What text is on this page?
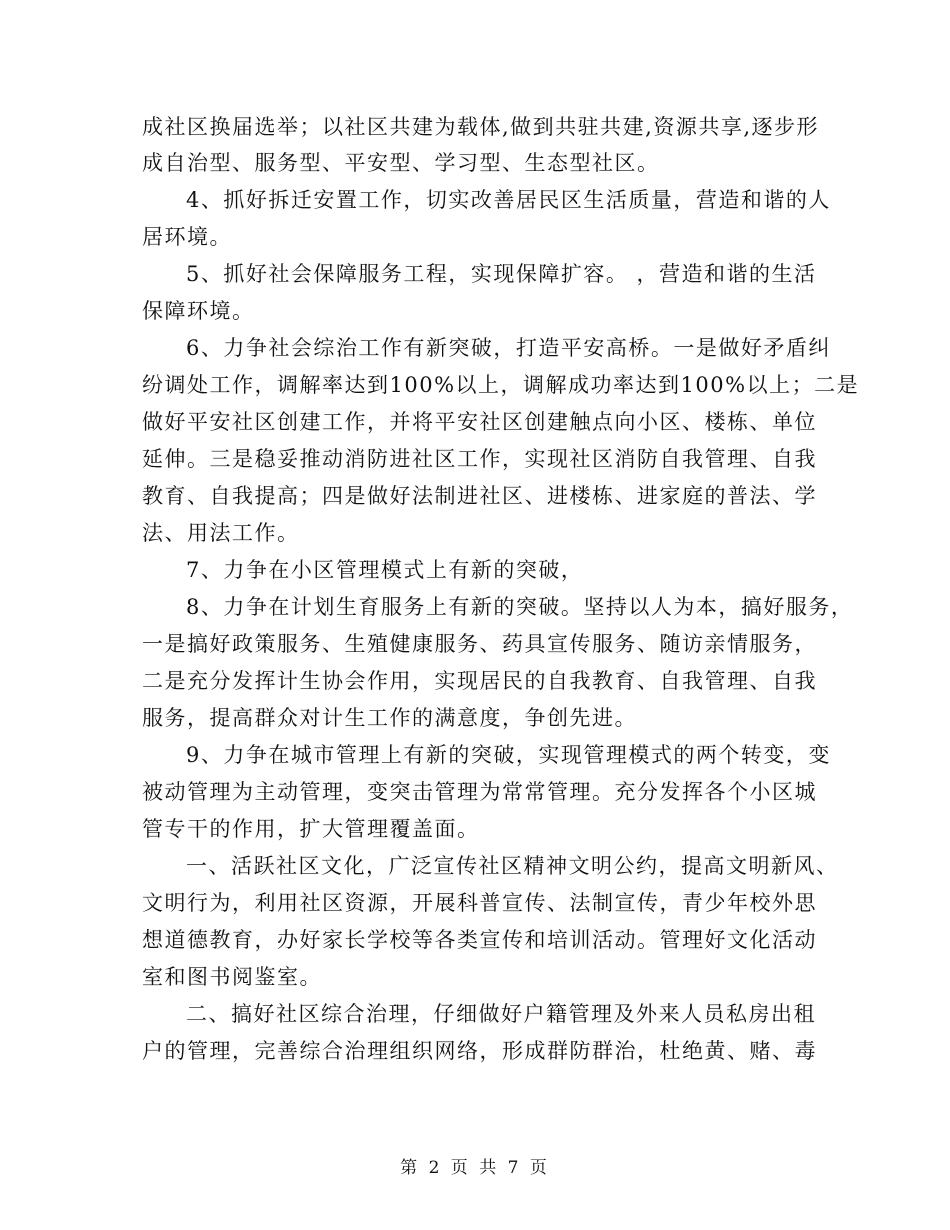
成社区换届选举；以社区共建为载体,做到共驻共建,资源共享,逐步形
成自治型、服务型、平安型、学习型、生态型社区。
4、抓好拆迁安置工作，切实改善居民区生活质量，营造和谐的人
居环境。
5、抓好社会保障服务工程，实现保障扩容。 ，营造和谐的生活
保障环境。
6、力争社会综治工作有新突破，打造平安高桥。一是做好矛盾纠
纷调处工作，调解率达到100%以上，调解成功率达到100%以上；二是
做好平安社区创建工作，并将平安社区创建触点向小区、楼栋、单位
延伸。三是稳妥推动消防进社区工作，实现社区消防自我管理、自我
教育、自我提高；四是做好法制进社区、进楼栋、进家庭的普法、学
法、用法工作。
7、力争在小区管理模式上有新的突破，
8、力争在计划生育服务上有新的突破。坚持以人为本，搞好服务，
一是搞好政策服务、生殖健康服务、药具宣传服务、随访亲情服务，
二是充分发挥计生协会作用，实现居民的自我教育、自我管理、自我
服务，提高群众对计生工作的满意度，争创先进。
9、力争在城市管理上有新的突破，实现管理模式的两个转变，变
被动管理为主动管理，变突击管理为常常管理。充分发挥各个小区城
管专干的作用，扩大管理覆盖面。
一、活跃社区文化，广泛宣传社区精神文明公约，提高文明新风、
文明行为，利用社区资源，开展科普宣传、法制宣传，青少年校外思
想道德教育，办好家长学校等各类宣传和培训活动。管理好文化活动
室和图书阅鉴室。
二、搞好社区综合治理，仔细做好户籍管理及外来人员私房出租
户的管理，完善综合治理组织网络，形成群防群治，杜绝黄、赌、毒
第 2 页 共 7 页
